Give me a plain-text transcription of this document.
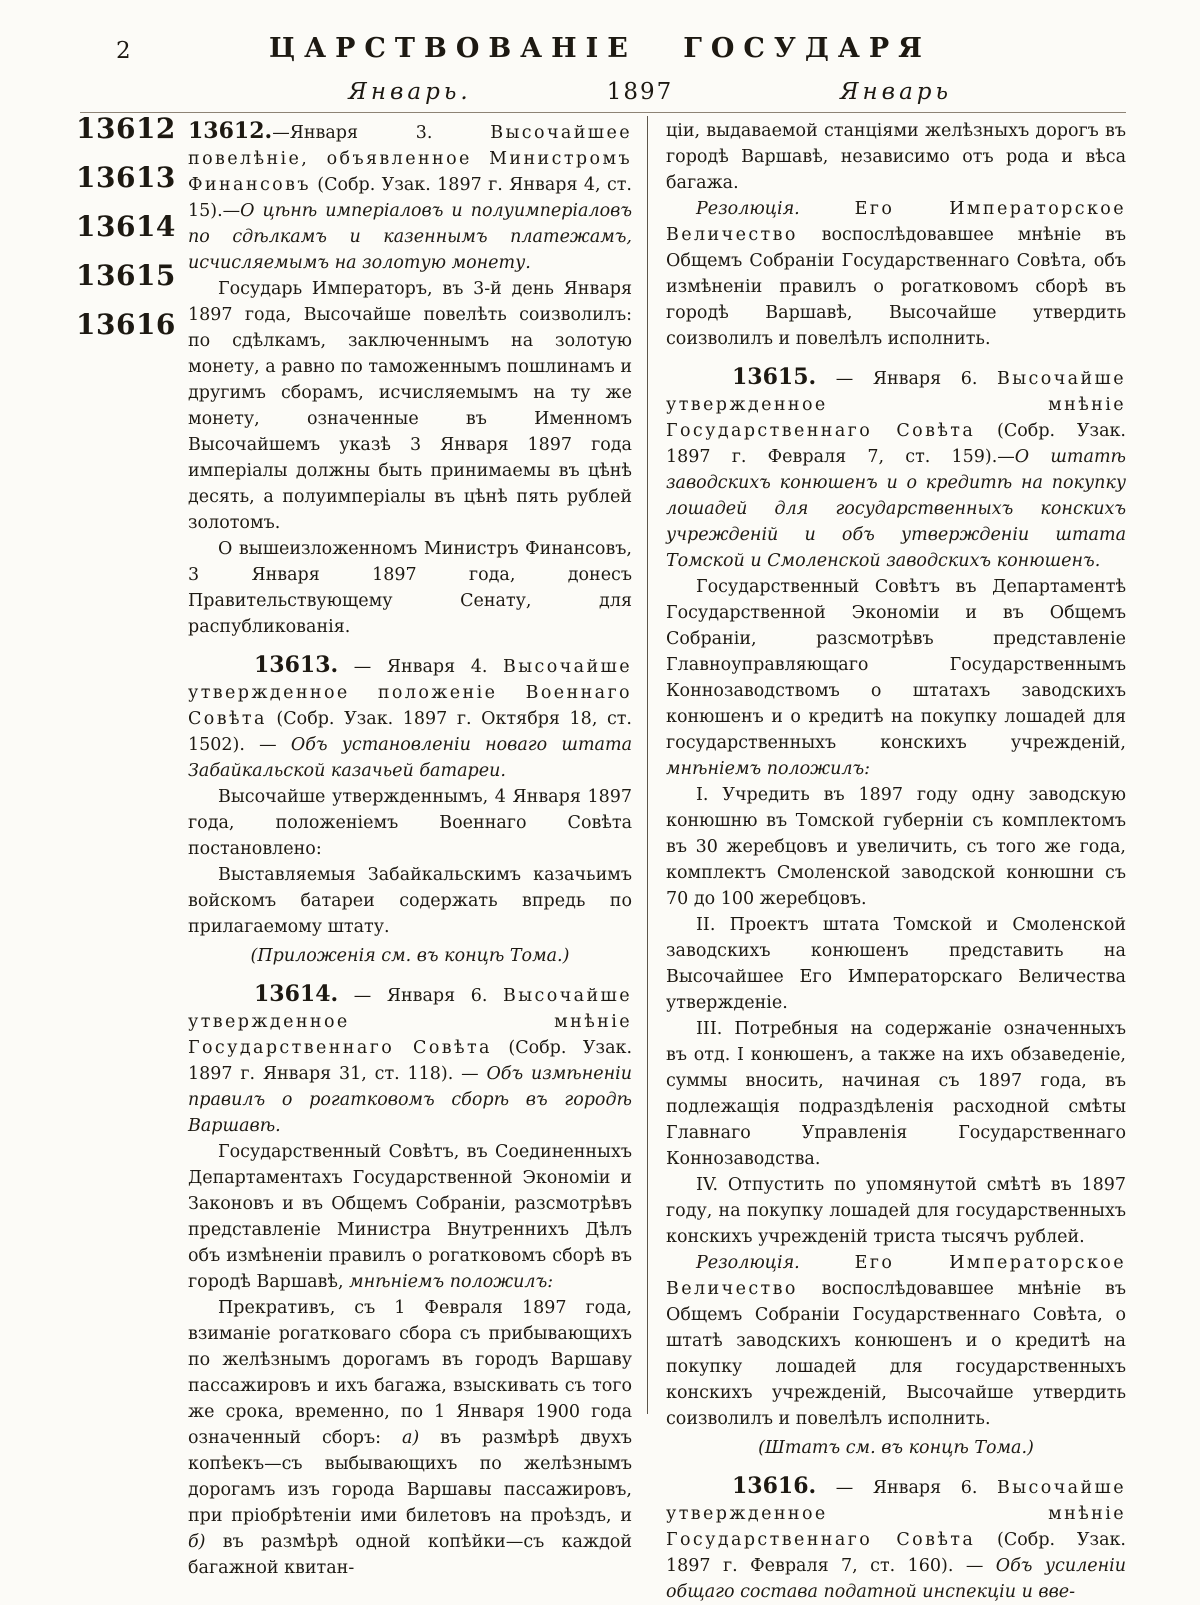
2	ЦАРСТВОВАНІЕ ГОСУДАРЯ
Январь.	1897	Январь
13612
13613
13614
13615
13616

13612.—Января 3. Высочайшее повелѣніе, объявленное Министромъ Финансовъ (Собр. Узак. 1897 г. Января 4, ст. 15).—О цѣнѣ имперіаловъ и полуимперіаловъ по сдѣлкамъ и казеннымъ платежамъ, исчисляемымъ на золотую монету.

Государь Императоръ, въ 3-й день Января 1897 года, Высочайше повелѣть соизволилъ: по сдѣлкамъ, заключеннымъ на золотую монету, а равно по таможеннымъ пошлинамъ и другимъ сборамъ, исчисляемымъ на ту же монету, означенные въ Именномъ Высочайшемъ указѣ 3 Января 1897 года имперіалы должны быть принимаемы въ цѣнѣ десять, а полуимперіалы въ цѣнѣ пять рублей золотомъ.

О вышеизложенномъ Министръ Финансовъ, 3 Января 1897 года, донесъ Правительствующему Сенату, для распубликованія.

13613. — Января 4. Высочайше утвержденное положеніе Военнаго Совѣта (Собр. Узак. 1897 г. Октября 18, ст. 1502). — Объ установленіи новаго штата Забайкальской казачьей батареи.

Высочайше утвержденнымъ, 4 Января 1897 года, положеніемъ Военнаго Совѣта постановлено:

Выставляемыя Забайкальскимъ казачьимъ войскомъ батареи содержать впредь по прилагаемому штату.

(Приложенія см. въ концѣ Тома.)

13614. — Января 6. Высочайше утвержденное мнѣніе Государственнаго Совѣта (Собр. Узак. 1897 г. Января 31, ст. 118). — Объ измѣненіи правилъ о рогатковомъ сборѣ въ городѣ Варшавѣ.

Государственный Совѣтъ, въ Соединенныхъ Департаментахъ Государственной Экономіи и Законовъ и въ Общемъ Собраніи, разсмотрѣвъ представленіе Министра Внутреннихъ Дѣлъ объ измѣненіи правилъ о рогатковомъ сборѣ въ городѣ Варшавѣ, мнѣніемъ положилъ:

Прекративъ, съ 1 Февраля 1897 года, взиманіе рогатковаго сбора съ прибывающихъ по желѣзнымъ дорогамъ въ городъ Варшаву пассажировъ и ихъ багажа, взыскивать съ того же срока, временно, по 1 Января 1900 года означенный сборъ: а) въ размѣрѣ двухъ копѣекъ—съ выбывающихъ по желѣзнымъ дорогамъ изъ города Варшавы пассажировъ, при пріобрѣтеніи ими билетовъ на проѣздъ, и б) въ размѣрѣ одной копѣйки—съ каждой багажной квитан-

ціи, выдаваемой станціями желѣзныхъ дорогъ въ городѣ Варшавѣ, независимо отъ рода и вѣса багажа.

Резолюція. Его Императорское Величество воспослѣдовавшее мнѣніе въ Общемъ Собраніи Государственнаго Совѣта, объ измѣненіи правилъ о рогатковомъ сборѣ въ городѣ Варшавѣ, Высочайше утвердить соизволилъ и повелѣлъ исполнить.

13615. — Января 6. Высочайше утвержденное мнѣніе Государственнаго Совѣта (Собр. Узак. 1897 г. Февраля 7, ст. 159).—О штатѣ заводскихъ конюшенъ и о кредитѣ на покупку лошадей для государственныхъ конскихъ учрежденій и объ утвержденіи штата Томской и Смоленской заводскихъ конюшенъ.

Государственный Совѣтъ въ Департаментѣ Государственной Экономіи и въ Общемъ Собраніи, разсмотрѣвъ представленіе Главноуправляющаго Государственнымъ Коннозаводствомъ о штатахъ заводскихъ конюшенъ и о кредитѣ на покупку лошадей для государственныхъ конскихъ учрежденій, мнѣніемъ положилъ:

I. Учредить въ 1897 году одну заводскую конюшню въ Томской губерніи съ комплектомъ въ 30 жеребцовъ и увеличить, съ того же года, комплектъ Смоленской заводской конюшни съ 70 до 100 жеребцовъ.

II. Проектъ штата Томской и Смоленской заводскихъ конюшенъ представить на Высочайшее Его Императорскаго Величества утвержденіе.

III. Потребныя на содержаніе означенныхъ въ отд. I конюшенъ, а также на ихъ обзаведеніе, суммы вносить, начиная съ 1897 года, въ подлежащія подраздѣленія расходной смѣты Главнаго Управленія Государственнаго Коннозаводства.

IV. Отпустить по упомянутой смѣтѣ въ 1897 году, на покупку лошадей для государственныхъ конскихъ учрежденій триста тысячъ рублей.

Резолюція. Его Императорское Величество воспослѣдовавшее мнѣніе въ Общемъ Собраніи Государственнаго Совѣта, о штатѣ заводскихъ конюшенъ и о кредитѣ на покупку лошадей для государственныхъ конскихъ учрежденій, Высочайше утвердить соизволилъ и повелѣлъ исполнить.

(Штатъ см. въ концѣ Тома.)

13616. — Января 6. Высочайше утвержденное мнѣніе Государственнаго Совѣта (Собр. Узак. 1897 г. Февраля 7, ст. 160). — Объ усиленіи общаго состава податной инспекціи и вве-
